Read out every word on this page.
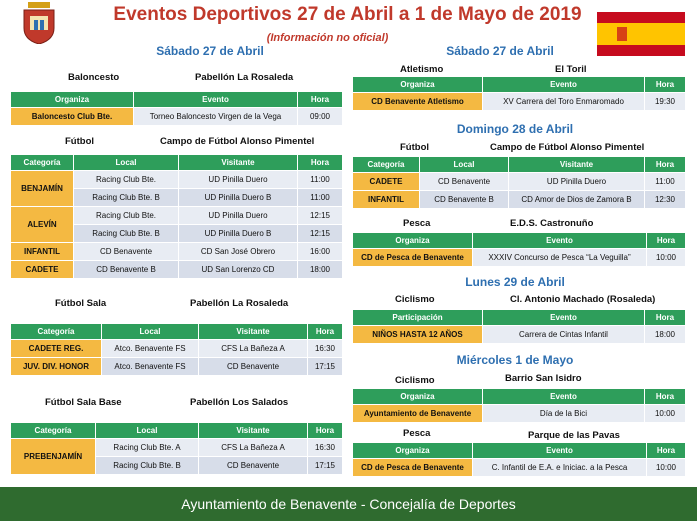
Eventos Deportivos 27 de Abril a 1 de Mayo de 2019
(Información no oficial)
Sábado 27 de Abril
Baloncesto	Pabellón La Rosaleda
Organiza	Evento	Hora
Baloncesto Club Bte.	Torneo Baloncesto Virgen de la Vega	09:00
Fútbol	Campo de Fútbol Alonso Pimentel
Categoría	Local	Visitante	Hora
BENJAMÍN	Racing Club Bte.	UD Pinilla Duero	11:00
	Racing Club Bte. B	UD Pinilla Duero B	11:00
ALEVÍN	Racing Club Bte.	UD Pinilla Duero	12:15
	Racing Club Bte. B	UD Pinilla Duero B	12:15
INFANTIL	CD Benavente	CD San José Obrero	16:00
CADETE	CD Benavente B	UD San Lorenzo CD	18:00
Fútbol Sala	Pabellón La Rosaleda
Categoría	Local	Visitante	Hora
CADETE REG.	Atco. Benavente FS	CFS La Bañeza A	16:30
JUV. DIV. HONOR	Atco. Benavente FS	CD Benavente	17:15
Fútbol Sala Base	Pabellón Los Salados
Categoría	Local	Visitante	Hora
PREBENJAMÍN	Racing Club Bte. A	CFS La Bañeza A	16:30
	Racing Club Bte. B	CD Benavente	17:15
Sábado 27 de Abril
Atletismo	El Toril
Organiza	Evento	Hora
CD Benavente Atletismo	XV Carrera del Toro Enmaromado	19:30
Domingo 28 de Abril
Fútbol	Campo de Fútbol Alonso Pimentel
Categoría	Local	Visitante	Hora
CADETE	CD Benavente	UD Pinilla Duero	11:00
INFANTIL	CD Benavente B	CD Amor de Dios de Zamora B	12:30
Pesca	E.D.S. Castronuño
Organiza	Evento	Hora
CD de Pesca de Benavente	XXXIV Concurso de Pesca “La Veguilla”	10:00
Lunes 29 de Abril
Ciclismo	Cl. Antonio Machado (Rosaleda)
Participación	Evento	Hora
NIÑOS HASTA 12 AÑOS	Carrera de Cintas Infantil	18:00
Miércoles 1 de Mayo
Ciclismo	Barrio San Isidro
Organiza	Evento	Hora
Ayuntamiento de Benavente	Día de la Bici	10:00
Pesca	Parque de las Pavas
Organiza	Evento	Hora
CD de Pesca de Benavente	C. Infantil de E.A. e Iniciac. a la Pesca	10:00
Ayuntamiento de Benavente - Concejalía de Deportes
